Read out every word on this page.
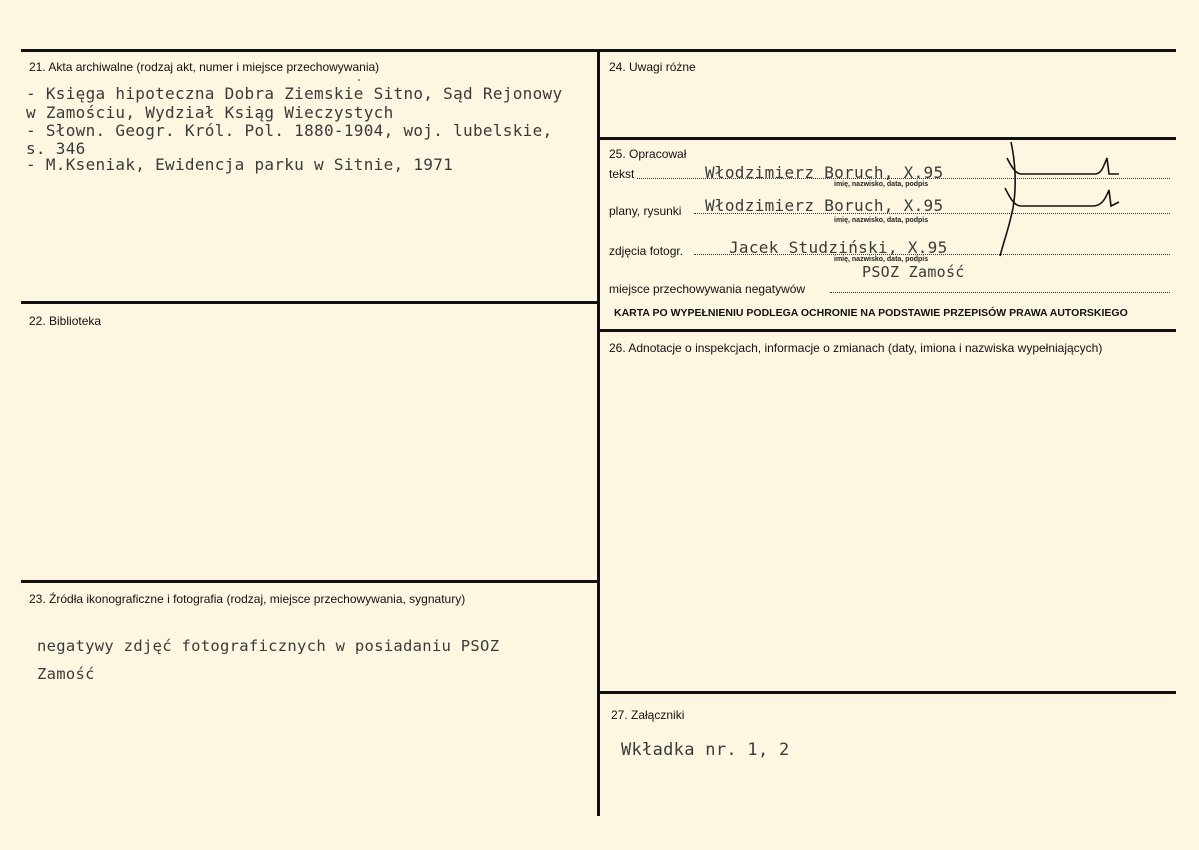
21. Akta archiwalne (rodzaj akt, numer i miejsce przechowywania)
- Księga hipoteczna Dobra Ziemskie Sitno, Sąd Rejonowy
w Zamościu, Wydział Ksiąg Wieczystych
- Słown. Geogr. Król. Pol. 1880-1904, woj. lubelskie,
s. 346
- M.Kseniak, Ewidencja parku w Sitnie, 1971
22. Biblioteka
23. Źródła ikonograficzne i fotografia (rodzaj, miejsce przechowywania, sygnatury)
negatywy zdjęć fotograficznych w posiadaniu PSOZ
Zamość
24. Uwagi różne
25. Opracował
tekst	Włodzimierz Boruch, X.95
imię, nazwisko, data, podpis
plany, rysunki Włodzimierz Boruch, X.95
imię, nazwisko, data, podpis
zdjęcia fotogr.	Jacek Studziński, X.95
imię, nazwisko, data, podpis
PSOZ Zamość
miejsce przechowywania negatywów
KARTA PO WYPEŁNIENIU PODLEGA OCHRONIE NA PODSTAWIE PRZEPISÓW PRAWA AUTORSKIEGO
26. Adnotacje o inspekcjach, informacje o zmianach (daty, imiona i nazwiska wypełniających)
27. Załączniki
Wkładka nr. 1, 2
